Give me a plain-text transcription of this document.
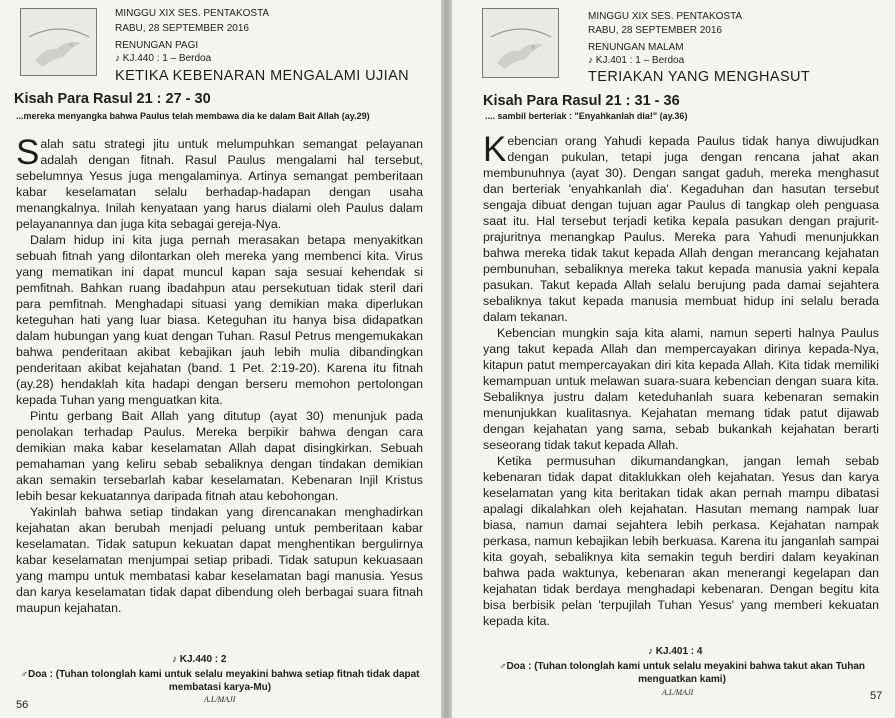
MINGGU XIX SES. PENTAKOSTA
RABU, 28 SEPTEMBER 2016
RENUNGAN PAGI
♪ KJ.440 : 1 – Berdoa
KETIKA KEBENARAN MENGALAMI UJIAN
Kisah Para Rasul 21 : 27 - 30
...mereka menyangka bahwa Paulus telah membawa dia ke dalam Bait Allah (ay.29)

Salah satu strategi jitu untuk melumpuhkan semangat pelayanan adalah dengan fitnah. Rasul Paulus mengalami hal tersebut, sebelumnya Yesus juga mengalaminya. Artinya semangat pemberitaan kabar keselamatan selalu berhadap-hadapan dengan usaha menangkalnya. Inilah kenyataan yang harus dialami oleh Paulus dalam pelayanannya dan juga kita sebagai gereja-Nya.

Dalam hidup ini kita juga pernah merasakan betapa menyakitkan sebuah fitnah yang dilontarkan oleh mereka yang membenci kita. Virus yang mematikan ini dapat muncul kapan saja sesuai kehendak si pemfitnah. Bahkan ruang ibadahpun atau persekutuan tidak steril dari para pemfitnah. Menghadapi situasi yang demikian maka diperlukan keteguhan hati yang luar biasa. Keteguhan itu hanya bisa didapatkan dalam hubungan yang kuat dengan Tuhan. Rasul Petrus mengemukakan bahwa penderitaan akibat kebajikan jauh lebih mulia dibandingkan penderitaan akibat kejahatan (band. 1 Pet. 2:19-20). Karena itu fitnah (ay.28) hendaklah kita hadapi dengan berseru memohon pertolongan kepada Tuhan yang menguatkan kita.

Pintu gerbang Bait Allah yang ditutup (ayat 30) menunjuk pada penolakan terhadap Paulus. Mereka berpikir bahwa dengan cara demikian maka kabar keselamatan Allah dapat disingkirkan. Sebuah pemahaman yang keliru sebab sebaliknya dengan tindakan demikian akan semakin tersebarlah kabar keselamatan. Kebenaran Injil Kristus lebih besar kekuatannya daripada fitnah atau kebohongan.

Yakinlah bahwa setiap tindakan yang direncanakan menghadirkan kejahatan akan berubah menjadi peluang untuk pemberitaan kabar keselamatan. Tidak satupun kekuatan dapat menghentikan bergulirnya kabar keselamatan menjumpai setiap pribadi. Tidak satupun kekuasaan yang mampu untuk membatasi kabar keselamatan bagi manusia. Yesus dan karya keselamatan tidak dapat dibendung oleh berbagai suara fitnah maupun kejahatan.

♪ KJ.440 : 2
♂Doa : (Tuhan tolonglah kami untuk selalu meyakini bahwa setiap fitnah tidak dapat membatasi karya-Mu)
A.L/MAJI
56
MINGGU XIX SES. PENTAKOSTA
RABU, 28 SEPTEMBER 2016
RENUNGAN MALAM
♪ KJ.401 : 1 – Berdoa
TERIAKAN YANG MENGHASUT
Kisah Para Rasul 21 : 31 - 36
.... sambil berteriak : "Enyahkanlah dia!" (ay.36)

Kebencian orang Yahudi kepada Paulus tidak hanya diwujudkan dengan pukulan, tetapi juga dengan rencana jahat akan membunuhnya (ayat 30). Dengan sangat gaduh, mereka menghasut dan berteriak 'enyahkanlah dia'. Kegaduhan dan hasutan tersebut sengaja dibuat dengan tujuan agar Paulus di tangkap oleh penguasa saat itu. Hal tersebut terjadi ketika kepala pasukan dengan prajurit-prajuritnya menangkap Paulus. Mereka para Yahudi menunjukkan bahwa mereka tidak takut kepada Allah dengan merancang kejahatan pembunuhan, sebaliknya mereka takut kepada manusia yakni kepala pasukan. Takut kepada Allah selalu berujung pada damai sejahtera sebaliknya takut kepada manusia membuat hidup ini selalu berada dalam tekanan.

Kebencian mungkin saja kita alami, namun seperti halnya Paulus yang takut kepada Allah dan mempercayakan dirinya kepada-Nya, kitapun patut mempercayakan diri kita kepada Allah. Kita tidak memiliki kemampuan untuk melawan suara-suara kebencian dengan suara kita. Sebaliknya justru dalam keteduhanlah suara kebenaran semakin menunjukkan kualitasnya. Kejahatan memang tidak patut dijawab dengan kejahatan yang sama, sebab bukankah kejahatan berarti seseorang tidak takut kepada Allah.

Ketika permusuhan dikumandangkan, jangan lemah sebab kebenaran tidak dapat ditaklukkan oleh kejahatan. Yesus dan karya keselamatan yang kita beritakan tidak akan pernah mampu dibatasi apalagi dikalahkan oleh kejahatan. Hasutan memang nampak luar biasa, namun damai sejahtera lebih perkasa. Kejahatan nampak perkasa, namun kebajikan lebih berkuasa. Karena itu janganlah sampai kita goyah, sebaliknya kita semakin teguh berdiri dalam keyakinan bahwa pada waktunya, kebenaran akan menerangi kegelapan dan kejahatan tidak berdaya menghadapi kebenaran. Dengan begitu kita bisa berbisik pelan 'terpujilah Tuhan Yesus' yang memberi kekuatan kepada kita.

♪ KJ.401 : 4
♂Doa : (Tuhan tolonglah kami untuk selalu meyakini bahwa takut akan Tuhan menguatkan kami)
A.L/MAJI	57
